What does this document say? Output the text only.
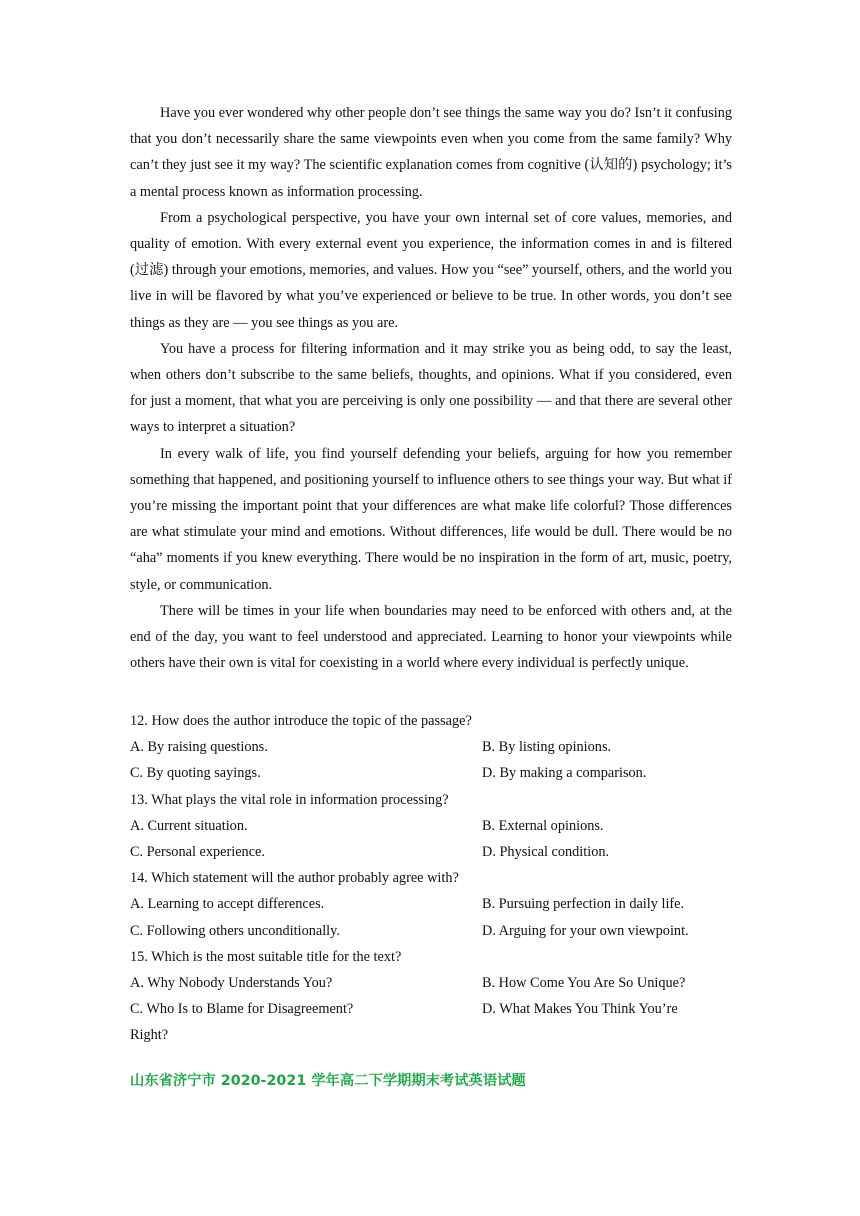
Have you ever wondered why other people don’t see things the same way you do? Isn’t it confusing that you don’t necessarily share the same viewpoints even when you come from the same family? Why can’t they just see it my way? The scientific explanation comes from cognitive (认知的) psychology; it’s a mental process known as information processing.

From a psychological perspective, you have your own internal set of core values, memories, and quality of emotion. With every external event you experience, the information comes in and is filtered (过滤) through your emotions, memories, and values. How you “see” yourself, others, and the world you live in will be flavored by what you’ve experienced or believe to be true. In other words, you don’t see things as they are — you see things as you are.

You have a process for filtering information and it may strike you as being odd, to say the least, when others don’t subscribe to the same beliefs, thoughts, and opinions. What if you considered, even for just a moment, that what you are perceiving is only one possibility — and that there are several other ways to interpret a situation?

In every walk of life, you find yourself defending your beliefs, arguing for how you remember something that happened, and positioning yourself to influence others to see things your way. But what if you’re missing the important point that your differences are what make life colorful? Those differences are what stimulate your mind and emotions. Without differences, life would be dull. There would be no “aha” moments if you knew everything. There would be no inspiration in the form of art, music, poetry, style, or communication.

There will be times in your life when boundaries may need to be enforced with others and, at the end of the day, you want to feel understood and appreciated. Learning to honor your viewpoints while others have their own is vital for coexisting in a world where every individual is perfectly unique.

12. How does the author introduce the topic of the passage?
A. By raising questions.	B. By listing opinions.
C. By quoting sayings.	D. By making a comparison.
13. What plays the vital role in information processing?
A. Current situation.	B. External opinions.
C. Personal experience.	D. Physical condition.
14. Which statement will the author probably agree with?
A. Learning to accept differences.	B. Pursuing perfection in daily life.
C. Following others unconditionally.	D. Arguing for your own viewpoint.
15. Which is the most suitable title for the text?
A. Why Nobody Understands You?	B. How Come You Are So Unique?
C. Who Is to Blame for Disagreement?	D. What Makes You Think You’re
Right?
山东省济宁市 2020-2021 学年高二下学期期末考试英语试题
